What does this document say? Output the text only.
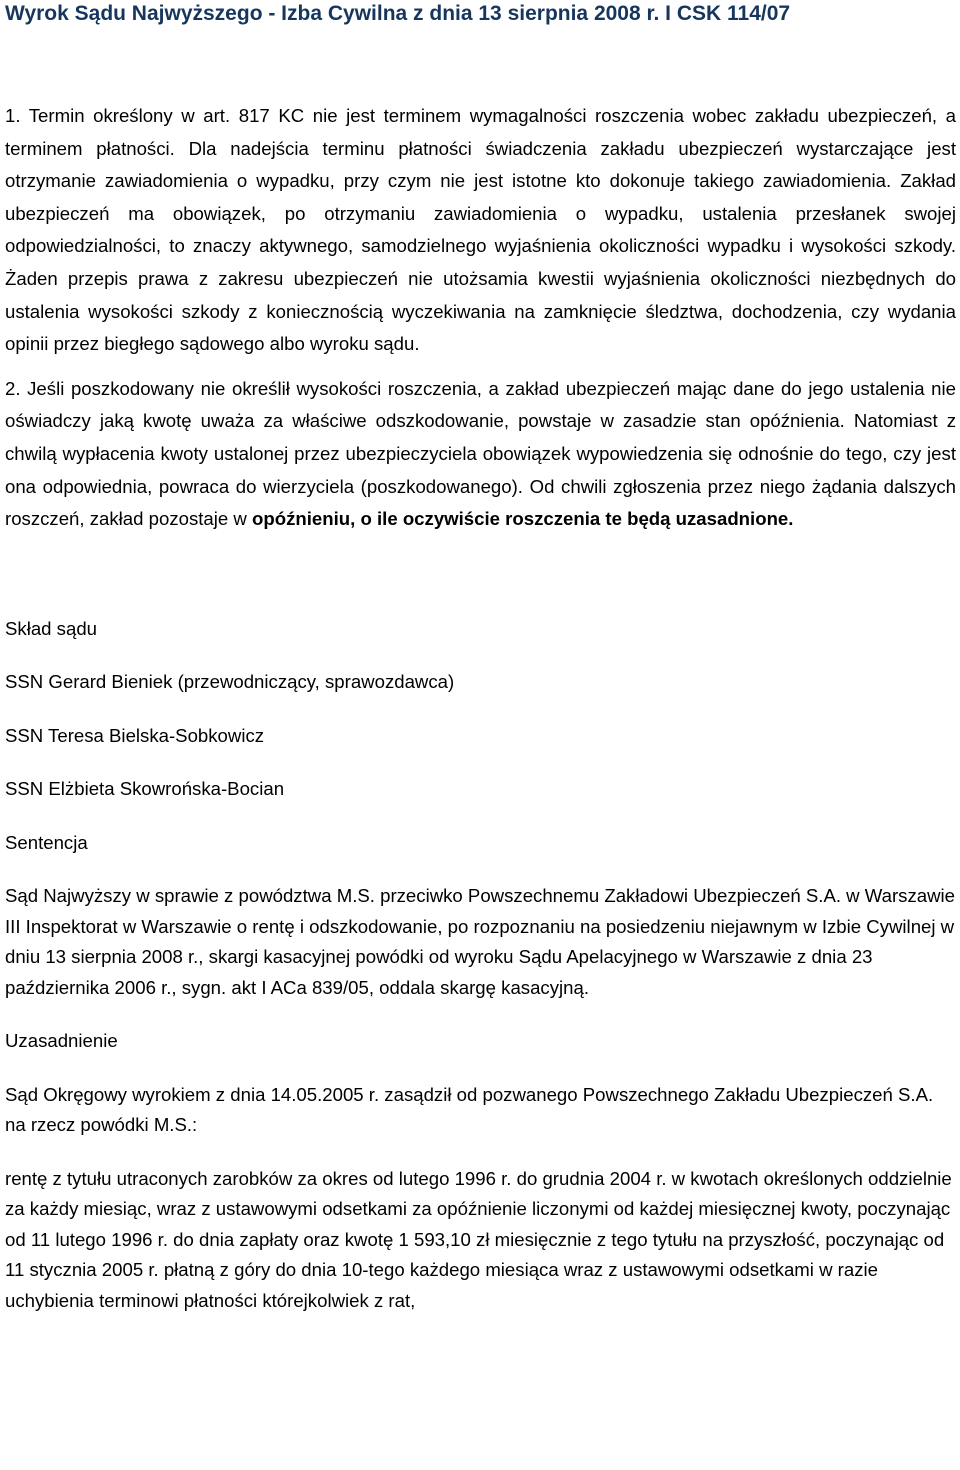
Wyrok Sądu Najwyższego - Izba Cywilna z dnia 13 sierpnia 2008 r. I CSK 114/07

1. Termin określony w art. 817 KC nie jest terminem wymagalności roszczenia wobec zakładu ubezpieczeń, a terminem płatności. Dla nadejścia terminu płatności świadczenia zakładu ubezpieczeń wystarczające jest otrzymanie zawiadomienia o wypadku, przy czym nie jest istotne kto dokonuje takiego zawiadomienia. Zakład ubezpieczeń ma obowiązek, po otrzymaniu zawiadomienia o wypadku, ustalenia przesłanek swojej odpowiedzialności, to znaczy aktywnego, samodzielnego wyjaśnienia okoliczności wypadku i wysokości szkody. Żaden przepis prawa z zakresu ubezpieczeń nie utożsamia kwestii wyjaśnienia okoliczności niezbędnych do ustalenia wysokości szkody z koniecznością wyczekiwania na zamknięcie śledztwa, dochodzenia, czy wydania opinii przez biegłego sądowego albo wyroku sądu.

2. Jeśli poszkodowany nie określił wysokości roszczenia, a zakład ubezpieczeń mając dane do jego ustalenia nie oświadczy jaką kwotę uważa za właściwe odszkodowanie, powstaje w zasadzie stan opóźnienia. Natomiast z chwilą wypłacenia kwoty ustalonej przez ubezpieczyciela obowiązek wypowiedzenia się odnośnie do tego, czy jest ona odpowiednia, powraca do wierzyciela (poszkodowanego). Od chwili zgłoszenia przez niego żądania dalszych roszczeń, zakład pozostaje w opóźnieniu, o ile oczywiście roszczenia te będą uzasadnione.

Skład sądu

SSN Gerard Bieniek (przewodniczący, sprawozdawca)

SSN Teresa Bielska-Sobkowicz

SSN Elżbieta Skowrońska-Bocian

Sentencja

Sąd Najwyższy w sprawie z powództwa M.S. przeciwko Powszechnemu Zakładowi Ubezpieczeń S.A. w Warszawie III Inspektorat w Warszawie o rentę i odszkodowanie, po rozpoznaniu na posiedzeniu niejawnym w Izbie Cywilnej w dniu 13 sierpnia 2008 r., skargi kasacyjnej powódki od wyroku Sądu Apelacyjnego w Warszawie z dnia 23 października 2006 r., sygn. akt I ACa 839/05, oddala skargę kasacyjną.

Uzasadnienie

Sąd Okręgowy wyrokiem z dnia 14.05.2005 r. zasądził od pozwanego Powszechnego Zakładu Ubezpieczeń S.A. na rzecz powódki M.S.:

rentę z tytułu utraconych zarobków za okres od lutego 1996 r. do grudnia 2004 r. w kwotach określonych oddzielnie za każdy miesiąc, wraz z ustawowymi odsetkami za opóźnienie liczonymi od każdej miesięcznej kwoty, poczynając od 11 lutego 1996 r. do dnia zapłaty oraz kwotę 1 593,10 zł miesięcznie z tego tytułu na przyszłość, poczynając od 11 stycznia 2005 r. płatną z góry do dnia 10-tego każdego miesiąca wraz z ustawowymi odsetkami w razie uchybienia terminowi płatności którejkolwiek z rat,
